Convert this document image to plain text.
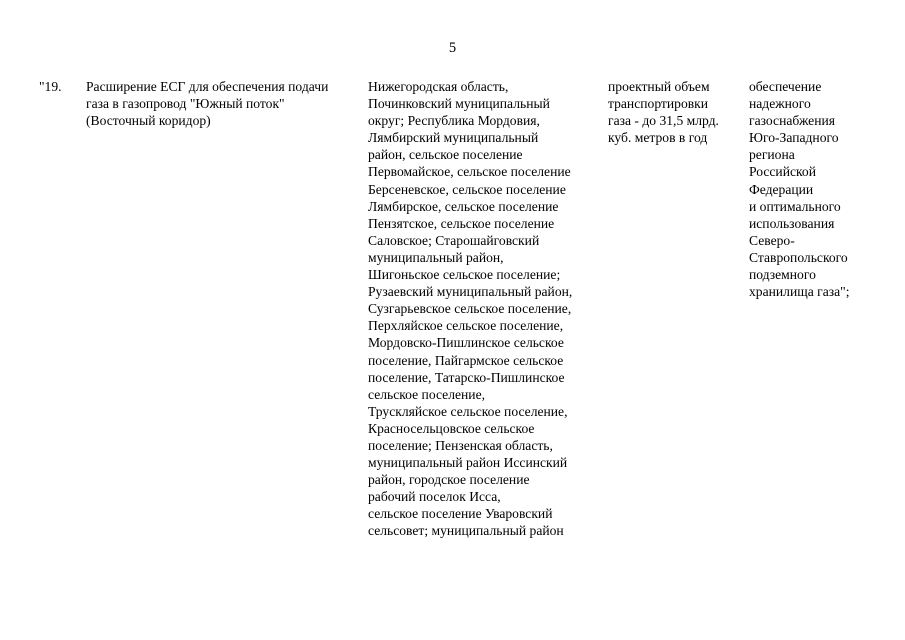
5
"19.	Расширение ЕСГ для обеспечения подачи
газа в газопровод "Южный поток"
(Восточный коридор)
Нижегородская область,
Починковский муниципальный
округ; Республика Мордовия,
Лямбирский муниципальный
район, сельское поселение
Первомайское, сельское поселение
Берсеневское, сельское поселение
Лямбирское, сельское поселение
Пензятское, сельское поселение
Саловское; Старошайговский
муниципальный район,
Шигоньское сельское поселение;
Рузаевский муниципальный район,
Сузгарьевское сельское поселение,
Перхляйское сельское поселение,
Мордовско-Пишлинское сельское
поселение, Пайгармское сельское
поселение, Татарско-Пишлинское
сельское поселение,
Трускляйское сельское поселение,
Красносельцовское сельское
поселение; Пензенская область,
муниципальный район Иссинский
район, городское поселение
рабочий поселок Исса,
сельское поселение Уваровский
сельсовет; муниципальный район
проектный объем
транспортировки
газа - до 31,5 млрд.
куб. метров в год
обеспечение
надежного
газоснабжения
Юго-Западного
региона
Российской
Федерации
и оптимального
использования
Северо-
Ставропольского
подземного
хранилища газа";
